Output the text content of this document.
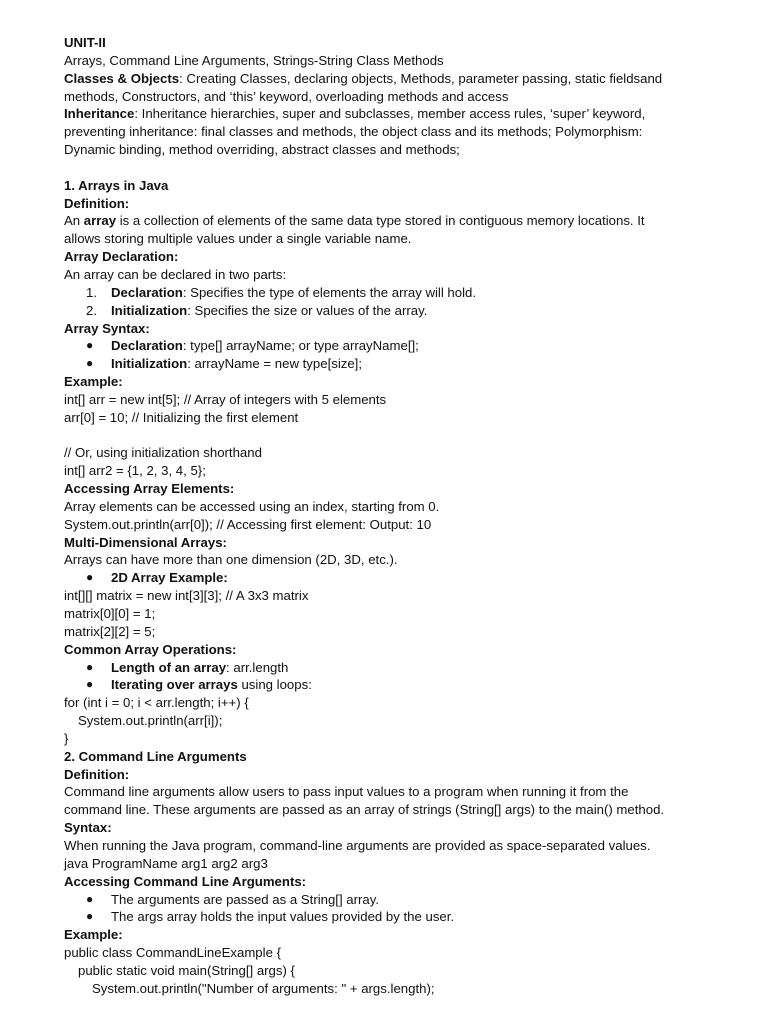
UNIT-II
Arrays, Command Line Arguments, Strings-String Class Methods
Classes & Objects: Creating Classes, declaring objects, Methods, parameter passing, static fieldsand
methods, Constructors, and ‘this’ keyword, overloading methods and access
Inheritance: Inheritance hierarchies, super and subclasses, member access rules, ‘super’ keyword,
preventing inheritance: final classes and methods, the object class and its methods; Polymorphism:
Dynamic binding, method overriding, abstract classes and methods;
1. Arrays in Java
Definition:
An array is a collection of elements of the same data type stored in contiguous memory locations. It
allows storing multiple values under a single variable name.
Array Declaration:
An array can be declared in two parts:
1. Declaration: Specifies the type of elements the array will hold.
2. Initialization: Specifies the size or values of the array.
Array Syntax:
● Declaration: type[] arrayName; or type arrayName[];
● Initialization: arrayName = new type[size];
Example:
int[] arr = new int[5]; // Array of integers with 5 elements
arr[0] = 10; // Initializing the first element
// Or, using initialization shorthand
int[] arr2 = {1, 2, 3, 4, 5};
Accessing Array Elements:
Array elements can be accessed using an index, starting from 0.
System.out.println(arr[0]); // Accessing first element: Output: 10
Multi-Dimensional Arrays:
Arrays can have more than one dimension (2D, 3D, etc.).
● 2D Array Example:
int[][] matrix = new int[3][3]; // A 3x3 matrix
matrix[0][0] = 1;
matrix[2][2] = 5;
Common Array Operations:
● Length of an array: arr.length
● Iterating over arrays using loops:
for (int i = 0; i < arr.length; i++) {
System.out.println(arr[i]);
}
2. Command Line Arguments
Definition:
Command line arguments allow users to pass input values to a program when running it from the
command line. These arguments are passed as an array of strings (String[] args) to the main() method.
Syntax:
When running the Java program, command-line arguments are provided as space-separated values.
java ProgramName arg1 arg2 arg3
Accessing Command Line Arguments:
● The arguments are passed as a String[] array.
● The args array holds the input values provided by the user.
Example:
public class CommandLineExample {
public static void main(String[] args) {
System.out.println("Number of arguments: " + args.length);
